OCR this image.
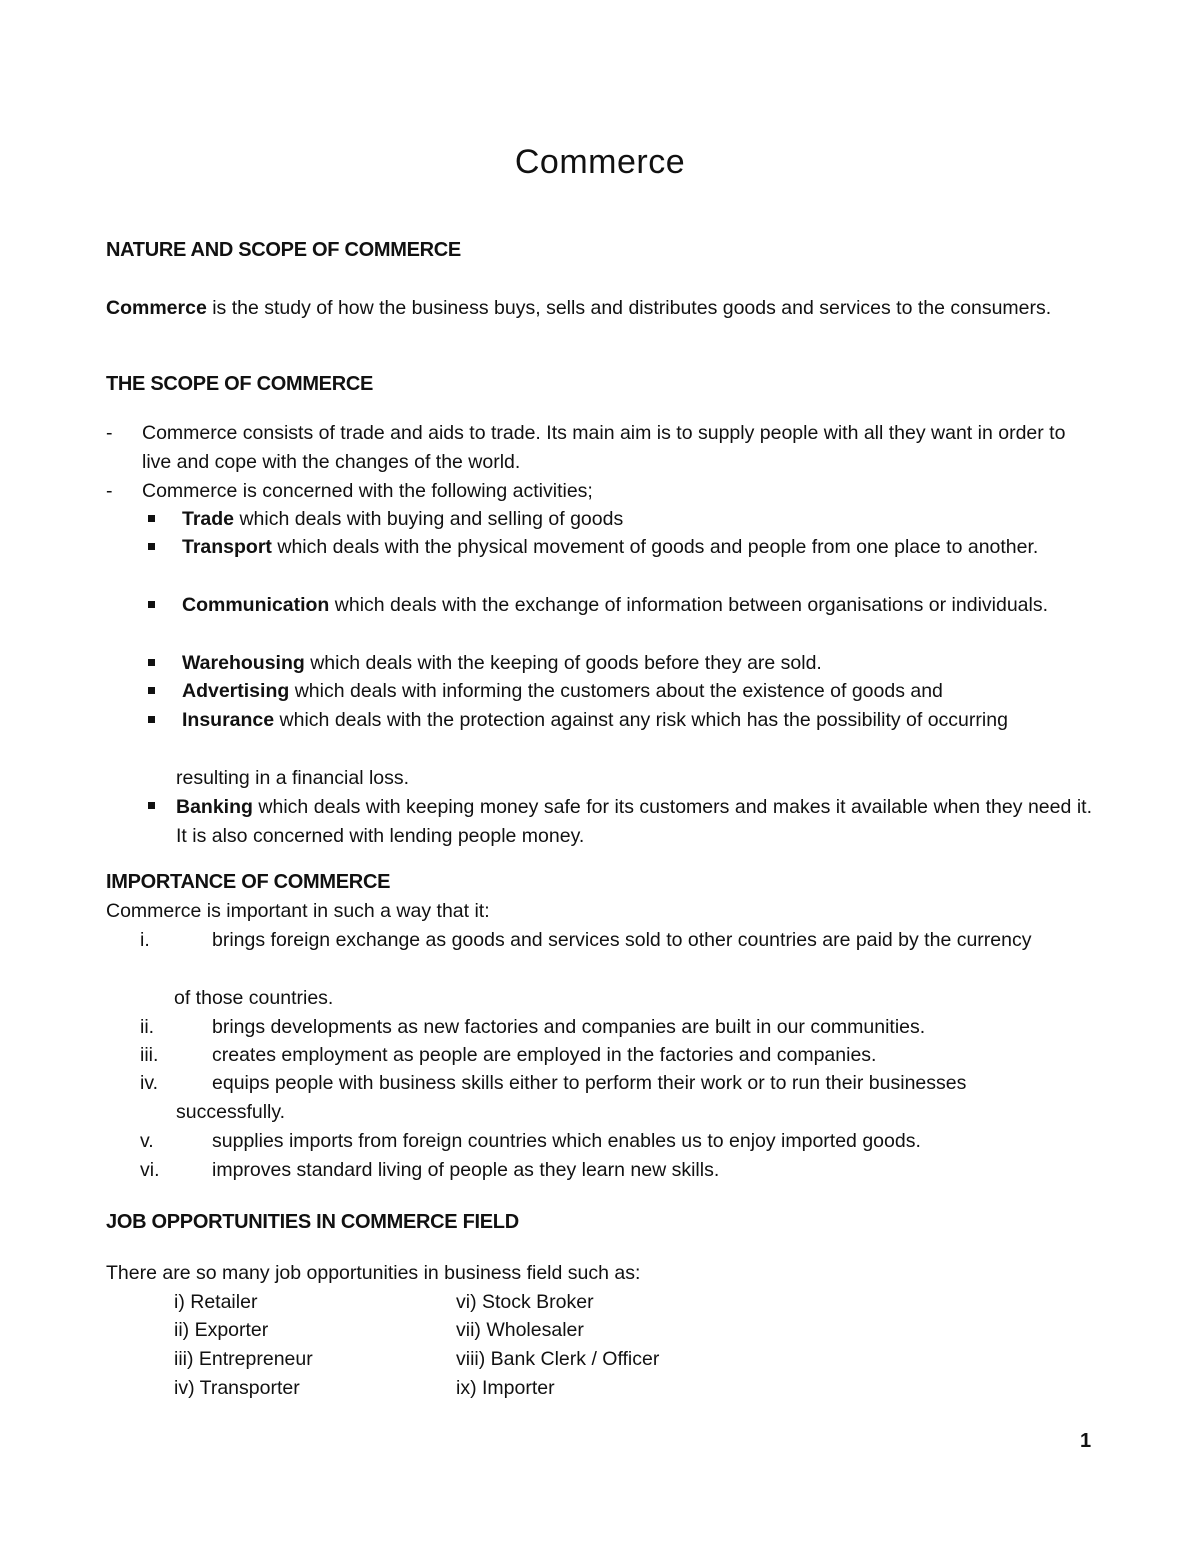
Commerce
NATURE AND SCOPE OF COMMERCE
Commerce is the study of how the business buys, sells and distributes goods and services to the consumers.
THE SCOPE OF COMMERCE
- Commerce consists of trade and aids to trade. Its main aim is to supply people with all they want in order to live and cope with the changes of the world.
- Commerce is concerned with the following activities;
Trade which deals with buying and selling of goods
Transport which deals with the physical movement of goods and people from one place to another.
Communication which deals with the exchange of information between organisations or individuals.
Warehousing which deals with the keeping of goods before they are sold.
Advertising which deals with informing the customers about the existence of goods and
Insurance which deals with the protection against any risk which has the possibility of occurring
resulting in a financial loss.
Banking which deals with keeping money safe for its customers and makes it available when they need it. It is also concerned with lending people money.
IMPORTANCE OF COMMERCE
Commerce is important in such a way that it:
i.	brings foreign exchange as goods and services sold to other countries are paid by the currency
of those countries.
ii.	brings developments as new factories and companies are built in our communities.
iii.	creates employment as people are employed in the factories and companies.
iv.	equips people with business skills either to perform their work or to run their businesses
successfully.
v.	supplies imports from foreign countries which enables us to enjoy imported goods.
vi.	improves standard living of people as they learn new skills.
JOB OPPORTUNITIES IN COMMERCE FIELD
There are so many job opportunities in business field such as:
i) Retailer	vi) Stock Broker
ii) Exporter	vii) Wholesaler
iii) Entrepreneur	viii) Bank Clerk / Officer
iv) Transporter	ix) Importer
1
